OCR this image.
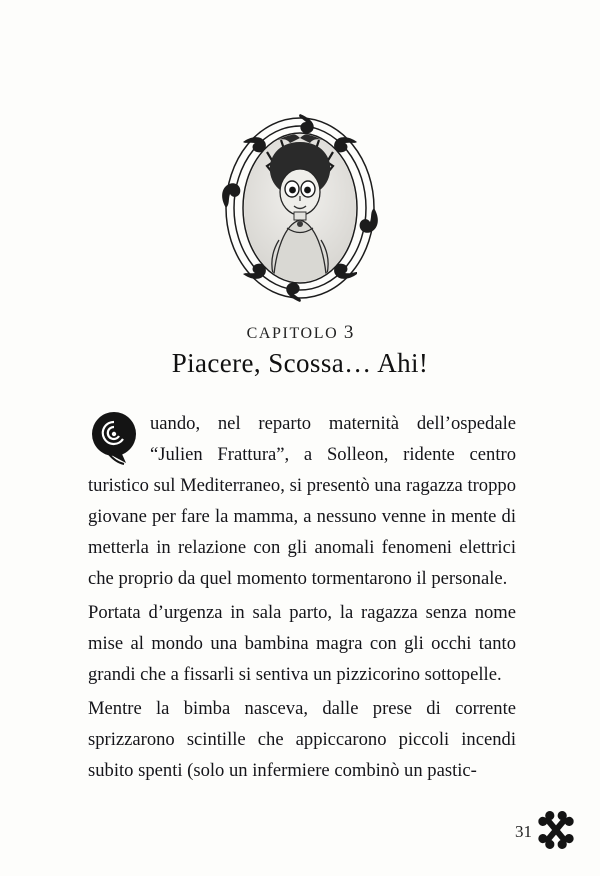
CAPITOLO 3
Piacere, Scossa… Ahi!

uando, nel reparto maternità dell’ospedale “Julien Frattura”, a Solleon, ridente centro turistico sul Mediterraneo, si presentò una ragazza troppo giovane per fare la mamma, a nessuno venne in mente di metterla in relazione con gli anomali fenomeni elettrici che proprio da quel momento tormentarono il personale.

Portata d’urgenza in sala parto, la ragazza senza nome mise al mondo una bambina magra con gli occhi tanto grandi che a fissarli si sentiva un pizzicorino sottopelle.

Mentre la bimba nasceva, dalle prese di corrente sprizzarono scintille che appiccarono piccoli incendi subito spenti (solo un infermiere combinò un pastic-

31
